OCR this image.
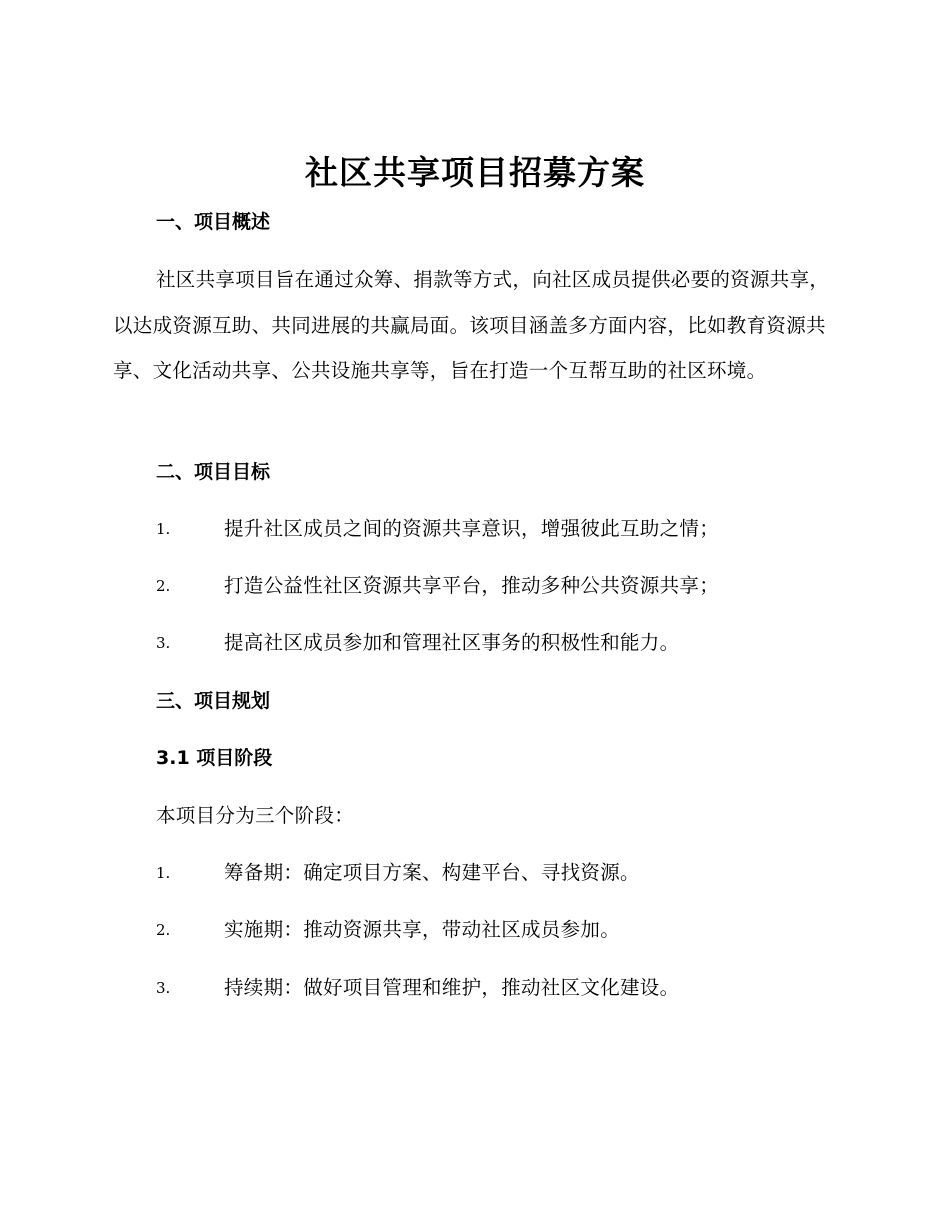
社区共享项目招募方案
一、项目概述
社区共享项目旨在通过众筹、捐款等方式，向社区成员提供必要的资源共享，以达成资源互助、共同进展的共赢局面。该项目涵盖多方面内容，比如教育资源共享、文化活动共享、公共设施共享等，旨在打造一个互帮互助的社区环境。
二、项目目标
1.	提升社区成员之间的资源共享意识，增强彼此互助之情；
2.	打造公益性社区资源共享平台，推动多种公共资源共享；
3.	提高社区成员参加和管理社区事务的积极性和能力。
三、项目规划
3.1 项目阶段
本项目分为三个阶段：
1.	筹备期：确定项目方案、构建平台、寻找资源。
2.	实施期：推动资源共享，带动社区成员参加。
3.	持续期：做好项目管理和维护，推动社区文化建设。
